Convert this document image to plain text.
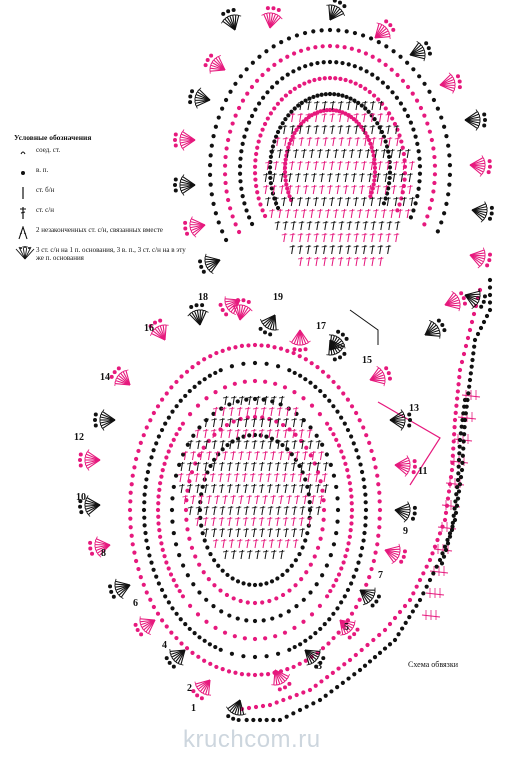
Условные обозначения
соед. ст.
в. п.
ст. б/н
ст. с/н
2 незаконченных ст. с/н, связанных вместе
3 ст. с/н на 1 п. основания, 3 в. п., 3 ст. с/н на в эту же п. основания
1
2
3
4
5
6
7
8
9
10
11
12
13
14
15
16	17
18	19
Схема обвязки
kruchcom.ru
